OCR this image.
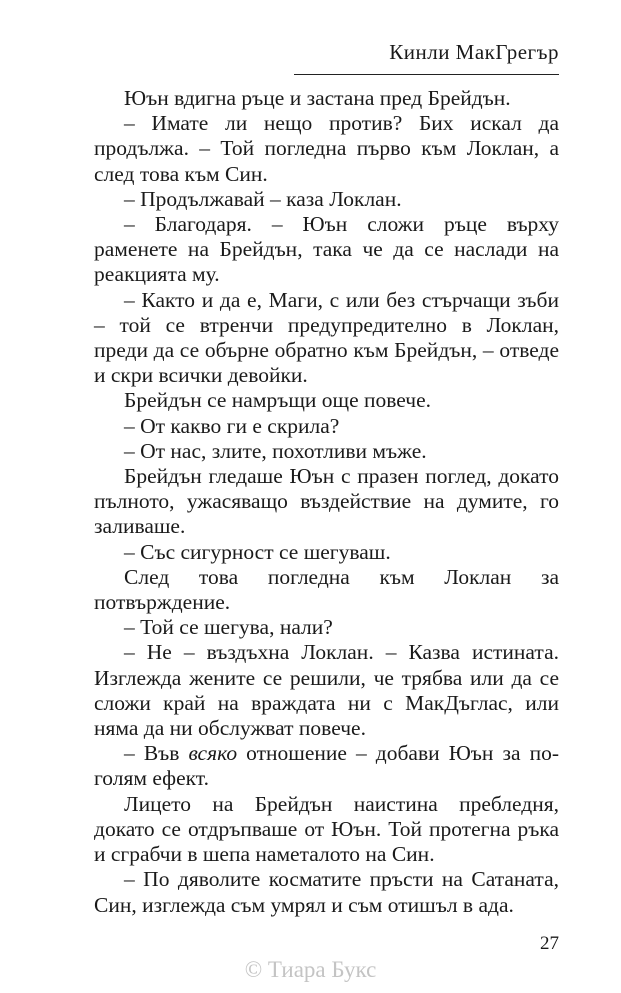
Кинли МакГрегър

Юън вдигна ръце и застана пред Брейдън.

– Имате ли нещо против? Бих искал да продължа. – Той погледна първо към Локлан, а след това към Син.

– Продължавай – каза Локлан.

– Благодаря. – Юън сложи ръце върху раменете на Брейдън, така че да се наслади на реакцията му.

– Както и да е, Маги, с или без стърчащи зъби – той се втренчи предупредително в Локлан, преди да се обърне обратно към Брейдън, – отведе и скри всички девойки.

Брейдън се намръщи още повече.

– От какво ги е скрила?

– От нас, злите, похотливи мъже.

Брейдън гледаше Юън с празен поглед, докато пълното, ужасяващо въздействие на думите, го заливаше.

– Със сигурност се шегуваш.

След това погледна към Локлан за потвърждение.

– Той се шегува, нали?

– Не – въздъхна Локлан. – Казва истината. Изглежда жените се решили, че трябва или да се сложи край на враждата ни с МакДъглас, или няма да ни обслужват повече.

– Във всяко отношение – добави Юън за по-голям ефект.

Лицето на Брейдън наистина пребледня, докато се отдръпваше от Юън. Той протегна ръка и сграбчи в шепа наметалото на Син.

– По дяволите косматите пръсти на Сатаната, Син, изглежда съм умрял и съм отишъл в ада.

27
© Тиара Букс
